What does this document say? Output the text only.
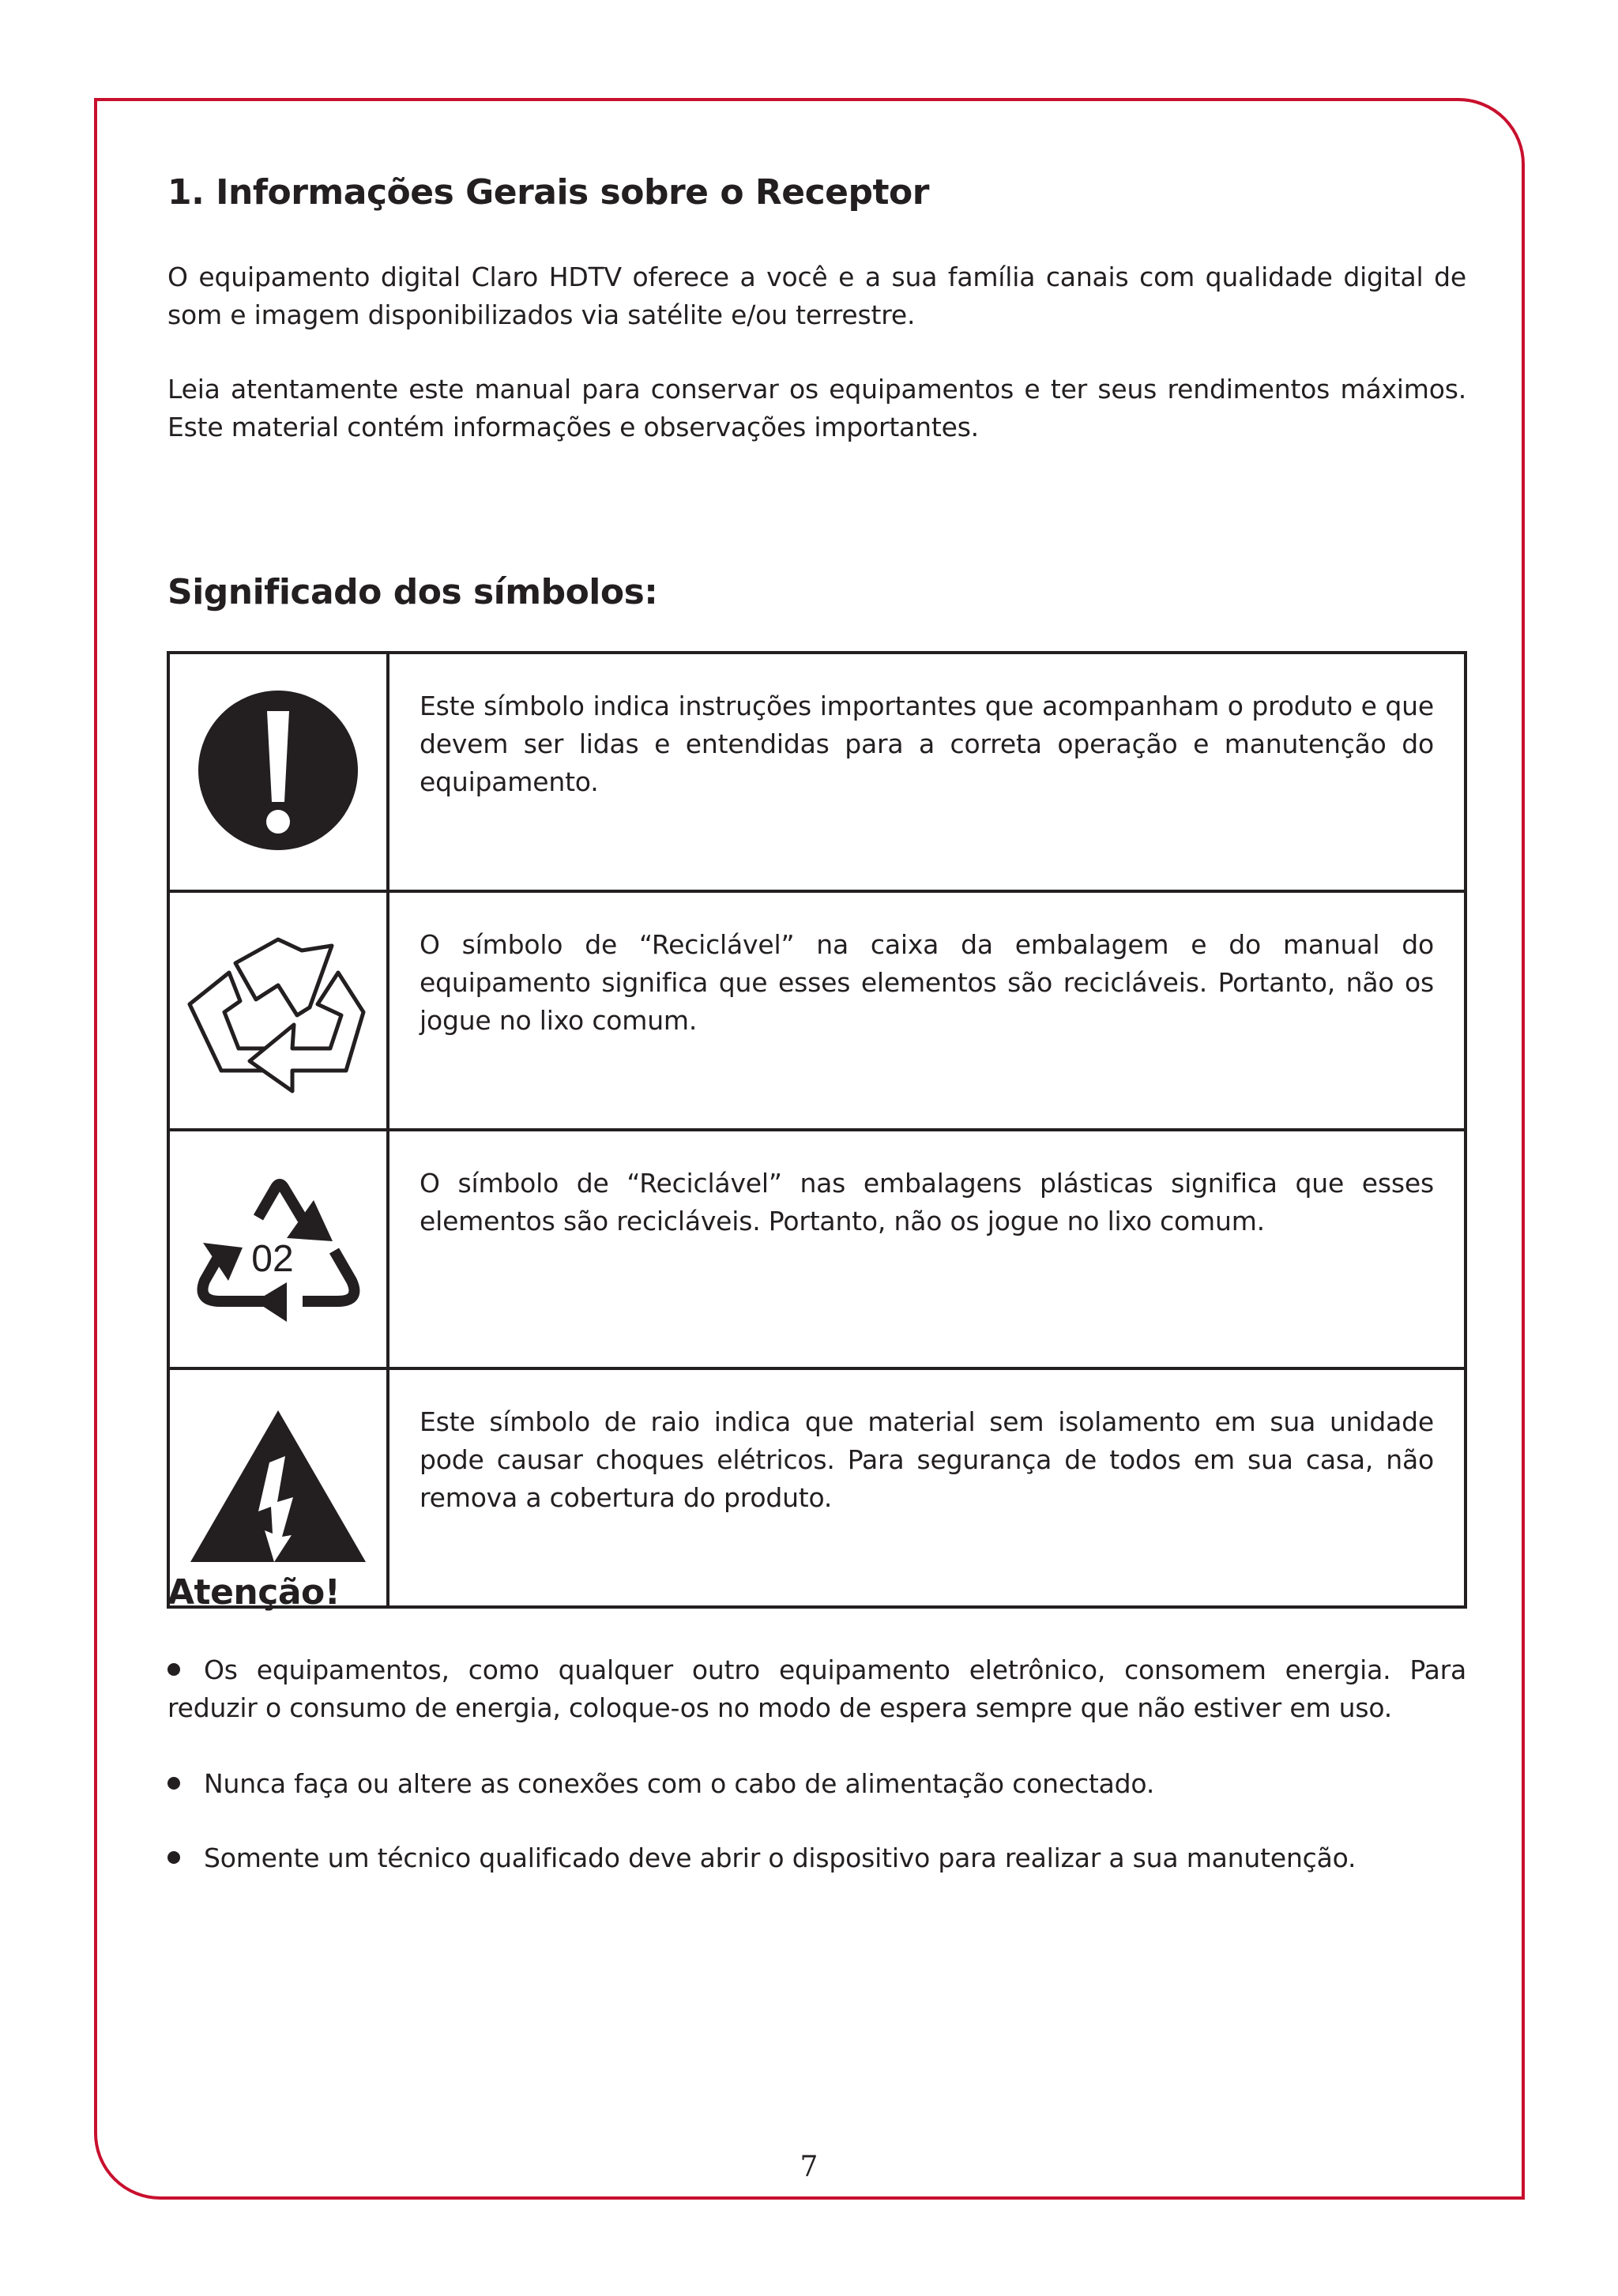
1. Informações Gerais sobre o Receptor

O equipamento digital Claro HDTV oferece a você e a sua família canais com qualidade digital de som e imagem disponibilizados via satélite e/ou terrestre.

Leia atentamente este manual para conservar os equipamentos e ter seus rendimentos máximos. Este material contém informações e observações importantes.

Significado dos símbolos:
	Este símbolo indica instruções importantes que acompanham o produto e que devem ser lidas e entendidas para a correta operação e manutenção do equipamento.
	O símbolo de “Reciclável” na caixa da embalagem e do manual do equipamento significa que esses elementos são recicláveis. Portanto, não os jogue no lixo comum.

02	O símbolo de “Reciclável” nas embalagens plásticas significa que esses elementos são recicláveis. Portanto, não os jogue no lixo comum.
	Este símbolo de raio indica que material sem isolamento em sua unidade pode causar choques elétricos. Para segurança de todos em sua casa, não remova a cobertura do produto.
Atenção!

Os equipamentos, como qualquer outro equipamento eletrônico, consomem energia. Para reduzir o consumo de energia, coloque-os no modo de espera sempre que não estiver em uso.

Nunca faça ou altere as conexões com o cabo de alimentação conectado.

Somente um técnico qualificado deve abrir o dispositivo para realizar a sua manutenção.

7
